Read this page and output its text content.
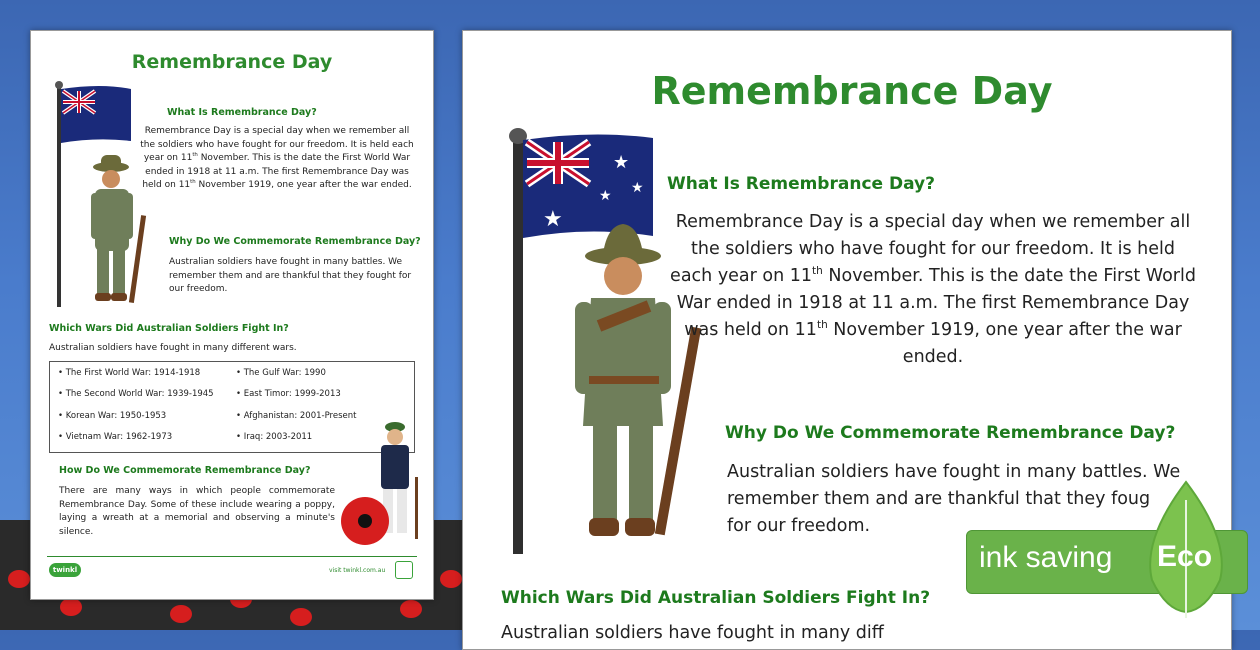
Remembrance Day
What Is Remembrance Day?
Remembrance Day is a special day when we remember all the soldiers who have fought for our freedom. It is held each year on 11th November. This is the date the First World War ended in 1918 at 11 a.m. The first Remembrance Day was held on 11th November 1919, one year after the war ended.
Why Do We Commemorate Remembrance Day?
Australian soldiers have fought in many battles. We remember them and are thankful that they fought for our freedom.
Which Wars Did Australian Soldiers Fight In?
Australian soldiers have fought in many different wars.
• The First World War: 1914-1918	• The Gulf War: 1990
• The Second World War: 1939-1945	• East Timor: 1999-2013
• Korean War: 1950-1953	• Afghanistan: 2001-Present
• Vietnam War: 1962-1973	• Iraq: 2003-2011
How Do We Commemorate Remembrance Day?
There are many ways in which people commemorate Remembrance Day. Some of these include wearing a poppy, laying a wreath at a memorial and observing a minute's silence.
twinkl	visit twinkl.com.au
Remembrance Day
★
★
★
★
What Is Remembrance Day?
Remembrance Day is a special day when we remember all the soldiers who have fought for our freedom. It is held each year on 11th November. This is the date the First World War ended in 1918 at 11 a.m. The first Remembrance Day was held on 11th November 1919, one year after the war ended.
Why Do We Commemorate Remembrance Day?
Australian soldiers have fought in many battles. We remember them and are thankful that they foug
for our freedom.
Which Wars Did Australian Soldiers Fight In?
Australian soldiers have fought in many diff
ink saving Eco
